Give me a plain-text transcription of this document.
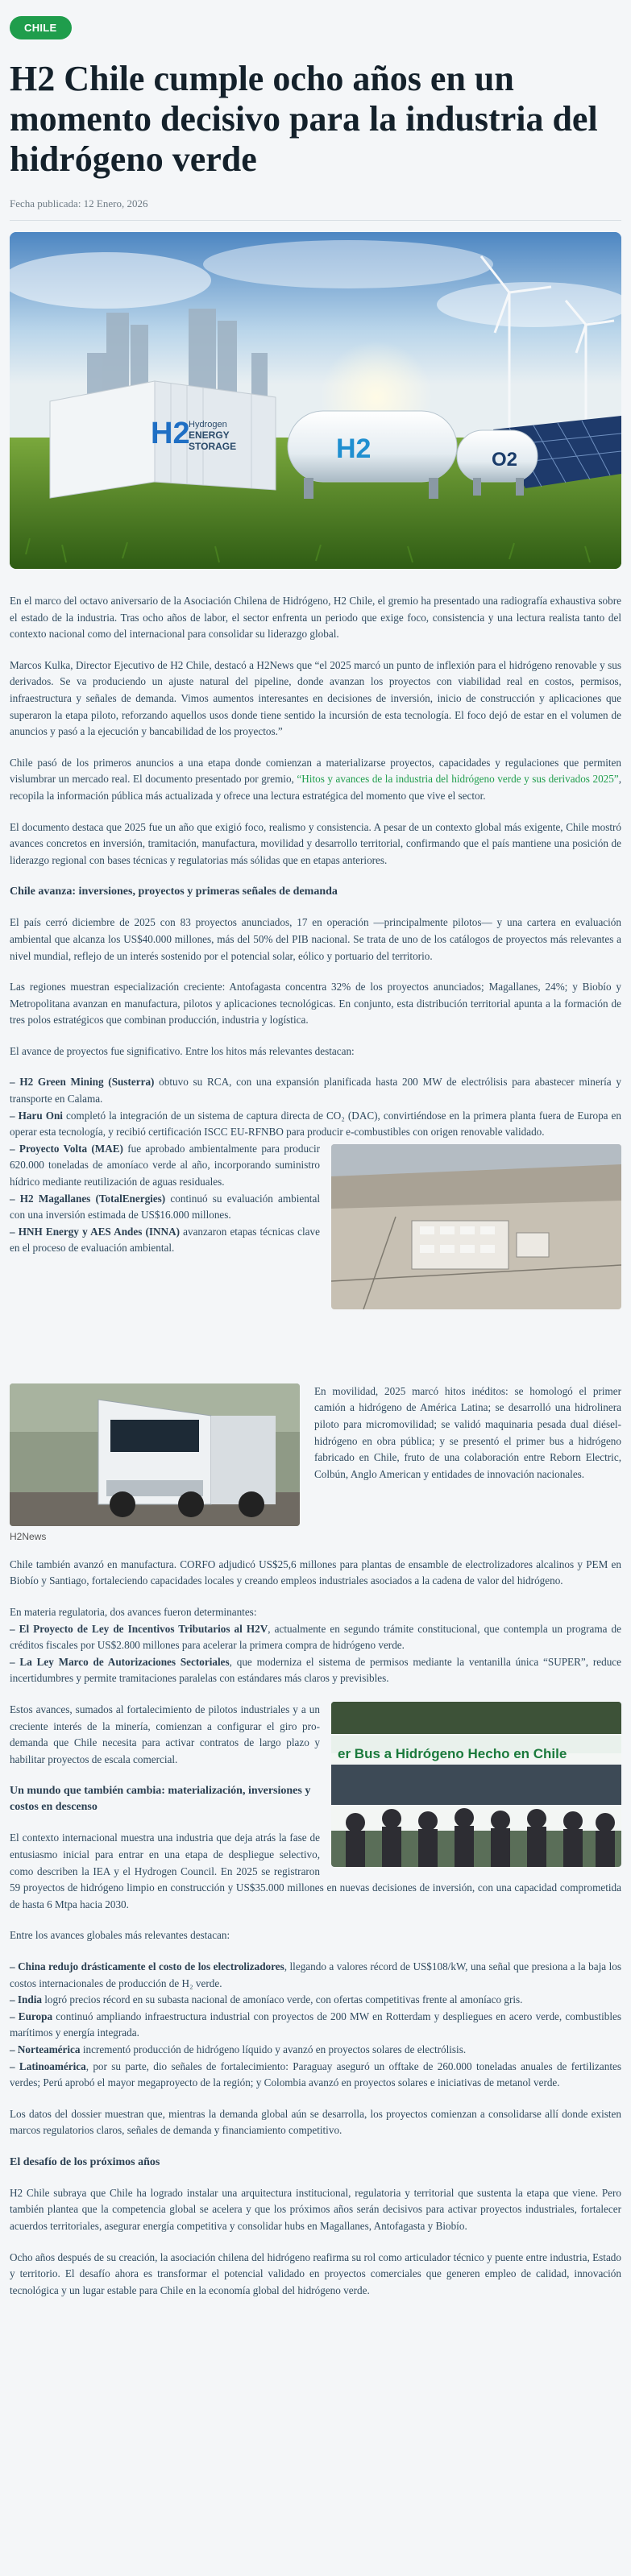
CHILE
H2 Chile cumple ocho años en un momento decisivo para la industria del hidrógeno verde
Fecha publicada: 12 Enero, 2026
H2
Hydrogen
ENERGY
STORAGE	H2	O2

En el marco del octavo aniversario de la Asociación Chilena de Hidrógeno, H2 Chile, el gremio ha presentado una radiografía exhaustiva sobre el estado de la industria. Tras ocho años de labor, el sector enfrenta un periodo que exige foco, consistencia y una lectura realista tanto del contexto nacional como del internacional para consolidar su liderazgo global.

Marcos Kulka, Director Ejecutivo de H2 Chile, destacó a H2News que “el 2025 marcó un punto de inflexión para el hidrógeno renovable y sus derivados. Se va produciendo un ajuste natural del pipeline, donde avanzan los proyectos con viabilidad real en costos, permisos, infraestructura y señales de demanda. Vimos aumentos interesantes en decisiones de inversión, inicio de construcción y aplicaciones que superaron la etapa piloto, reforzando aquellos usos donde tiene sentido la incursión de esta tecnología. El foco dejó de estar en el volumen de anuncios y pasó a la ejecución y bancabilidad de los proyectos.”

Chile pasó de los primeros anuncios a una etapa donde comienzan a materializarse proyectos, capacidades y regulaciones que permiten vislumbrar un mercado real. El documento presentado por gremio, “Hitos y avances de la industria del hidrógeno verde y sus derivados 2025”, recopila la información pública más actualizada y ofrece una lectura estratégica del momento que vive el sector.

El documento destaca que 2025 fue un año que exigió foco, realismo y consistencia. A pesar de un contexto global más exigente, Chile mostró avances concretos en inversión, tramitación, manufactura, movilidad y desarrollo territorial, confirmando que el país mantiene una posición de liderazgo regional con bases técnicas y regulatorias más sólidas que en etapas anteriores.

Chile avanza: inversiones, proyectos y primeras señales de demanda

El país cerró diciembre de 2025 con 83 proyectos anunciados, 17 en operación —principalmente pilotos— y una cartera en evaluación ambiental que alcanza los US$40.000 millones, más del 50% del PIB nacional. Se trata de uno de los catálogos de proyectos más relevantes a nivel mundial, reflejo de un interés sostenido por el potencial solar, eólico y portuario del territorio.

Las regiones muestran especialización creciente: Antofagasta concentra 32% de los proyectos anunciados; Magallanes, 24%; y Biobío y Metropolitana avanzan en manufactura, pilotos y aplicaciones tecnológicas. En conjunto, esta distribución territorial apunta a la formación de tres polos estratégicos que combinan producción, industria y logística.

El avance de proyectos fue significativo. Entre los hitos más relevantes destacan:

– H2 Green Mining (Susterra) obtuvo su RCA, con una expansión planificada hasta 200 MW de electrólisis para abastecer minería y transporte en Calama.
– Haru Oni completó la integración de un sistema de captura directa de CO₂ (DAC), convirtiéndose en la primera planta fuera de Europa en operar esta tecnología, y recibió certificación ISCC EU-RFNBO para producir e-combustibles con origen renovable validado.
– Proyecto Volta (MAE) fue aprobado ambientalmente para producir 620.000 toneladas de amoníaco verde al año, incorporando suministro hídrico mediante reutilización de aguas residuales.
– H2 Magallanes (TotalEnergies) continuó su evaluación ambiental con una inversión estimada de US$16.000 millones.
– HNH Energy y AES Andes (INNA) avanzaron etapas técnicas clave en el proceso de evaluación ambiental.
H2News

En movilidad, 2025 marcó hitos inéditos: se homologó el primer camión a hidrógeno de América Latina; se desarrolló una hidrolinera piloto para micromovilidad; se validó maquinaria pesada dual diésel-hidrógeno en obra pública; y se presentó el primer bus a hidrógeno fabricado en Chile, fruto de una colaboración entre Reborn Electric, Colbún, Anglo American y entidades de innovación nacionales.

Chile también avanzó en manufactura. CORFO adjudicó US$25,6 millones para plantas de ensamble de electrolizadores alcalinos y PEM en Biobío y Santiago, fortaleciendo capacidades locales y creando empleos industriales asociados a la cadena de valor del hidrógeno.

En materia regulatoria, dos avances fueron determinantes:

– El Proyecto de Ley de Incentivos Tributarios al H2V, actualmente en segundo trámite constitucional, que contempla un programa de créditos fiscales por US$2.800 millones para acelerar la primera compra de hidrógeno verde.
– La Ley Marco de Autorizaciones Sectoriales, que moderniza el sistema de permisos mediante la ventanilla única “SUPER”, reduce incertidumbres y permite tramitaciones paralelas con estándares más claros y previsibles.
er Bus a Hidrógeno Hecho en Chile

Estos avances, sumados al fortalecimiento de pilotos industriales y a un creciente interés de la minería, comienzan a configurar el giro pro-demanda que Chile necesita para activar contratos de largo plazo y habilitar proyectos de escala comercial.

Un mundo que también cambia: materialización, inversiones y costos en descenso

El contexto internacional muestra una industria que deja atrás la fase de entusiasmo inicial para entrar en una etapa de despliegue selectivo, como describen la IEA y el Hydrogen Council. En 2025 se registraron 59 proyectos de hidrógeno limpio en construcción y US$35.000 millones en nuevas decisiones de inversión, con una capacidad comprometida de hasta 6 Mtpa hacia 2030.

Entre los avances globales más relevantes destacan:

– China redujo drásticamente el costo de los electrolizadores, llegando a valores récord de US$108/kW, una señal que presiona a la baja los costos internacionales de producción de H₂ verde.
– India logró precios récord en su subasta nacional de amoníaco verde, con ofertas competitivas frente al amoníaco gris.
– Europa continuó ampliando infraestructura industrial con proyectos de 200 MW en Rotterdam y despliegues en acero verde, combustibles marítimos y energía integrada.
– Norteamérica incrementó producción de hidrógeno líquido y avanzó en proyectos solares de electrólisis.
– Latinoamérica, por su parte, dio señales de fortalecimiento: Paraguay aseguró un offtake de 260.000 toneladas anuales de fertilizantes verdes; Perú aprobó el mayor megaproyecto de la región; y Colombia avanzó en proyectos solares e iniciativas de metanol verde.

Los datos del dossier muestran que, mientras la demanda global aún se desarrolla, los proyectos comienzan a consolidarse allí donde existen marcos regulatorios claros, señales de demanda y financiamiento competitivo.

El desafío de los próximos años

H2 Chile subraya que Chile ha logrado instalar una arquitectura institucional, regulatoria y territorial que sustenta la etapa que viene. Pero también plantea que la competencia global se acelera y que los próximos años serán decisivos para activar proyectos industriales, fortalecer acuerdos territoriales, asegurar energía competitiva y consolidar hubs en Magallanes, Antofagasta y Biobío.

Ocho años después de su creación, la asociación chilena del hidrógeno reafirma su rol como articulador técnico y puente entre industria, Estado y territorio. El desafío ahora es transformar el potencial validado en proyectos comerciales que generen empleo de calidad, innovación tecnológica y un lugar estable para Chile en la economía global del hidrógeno verde.
